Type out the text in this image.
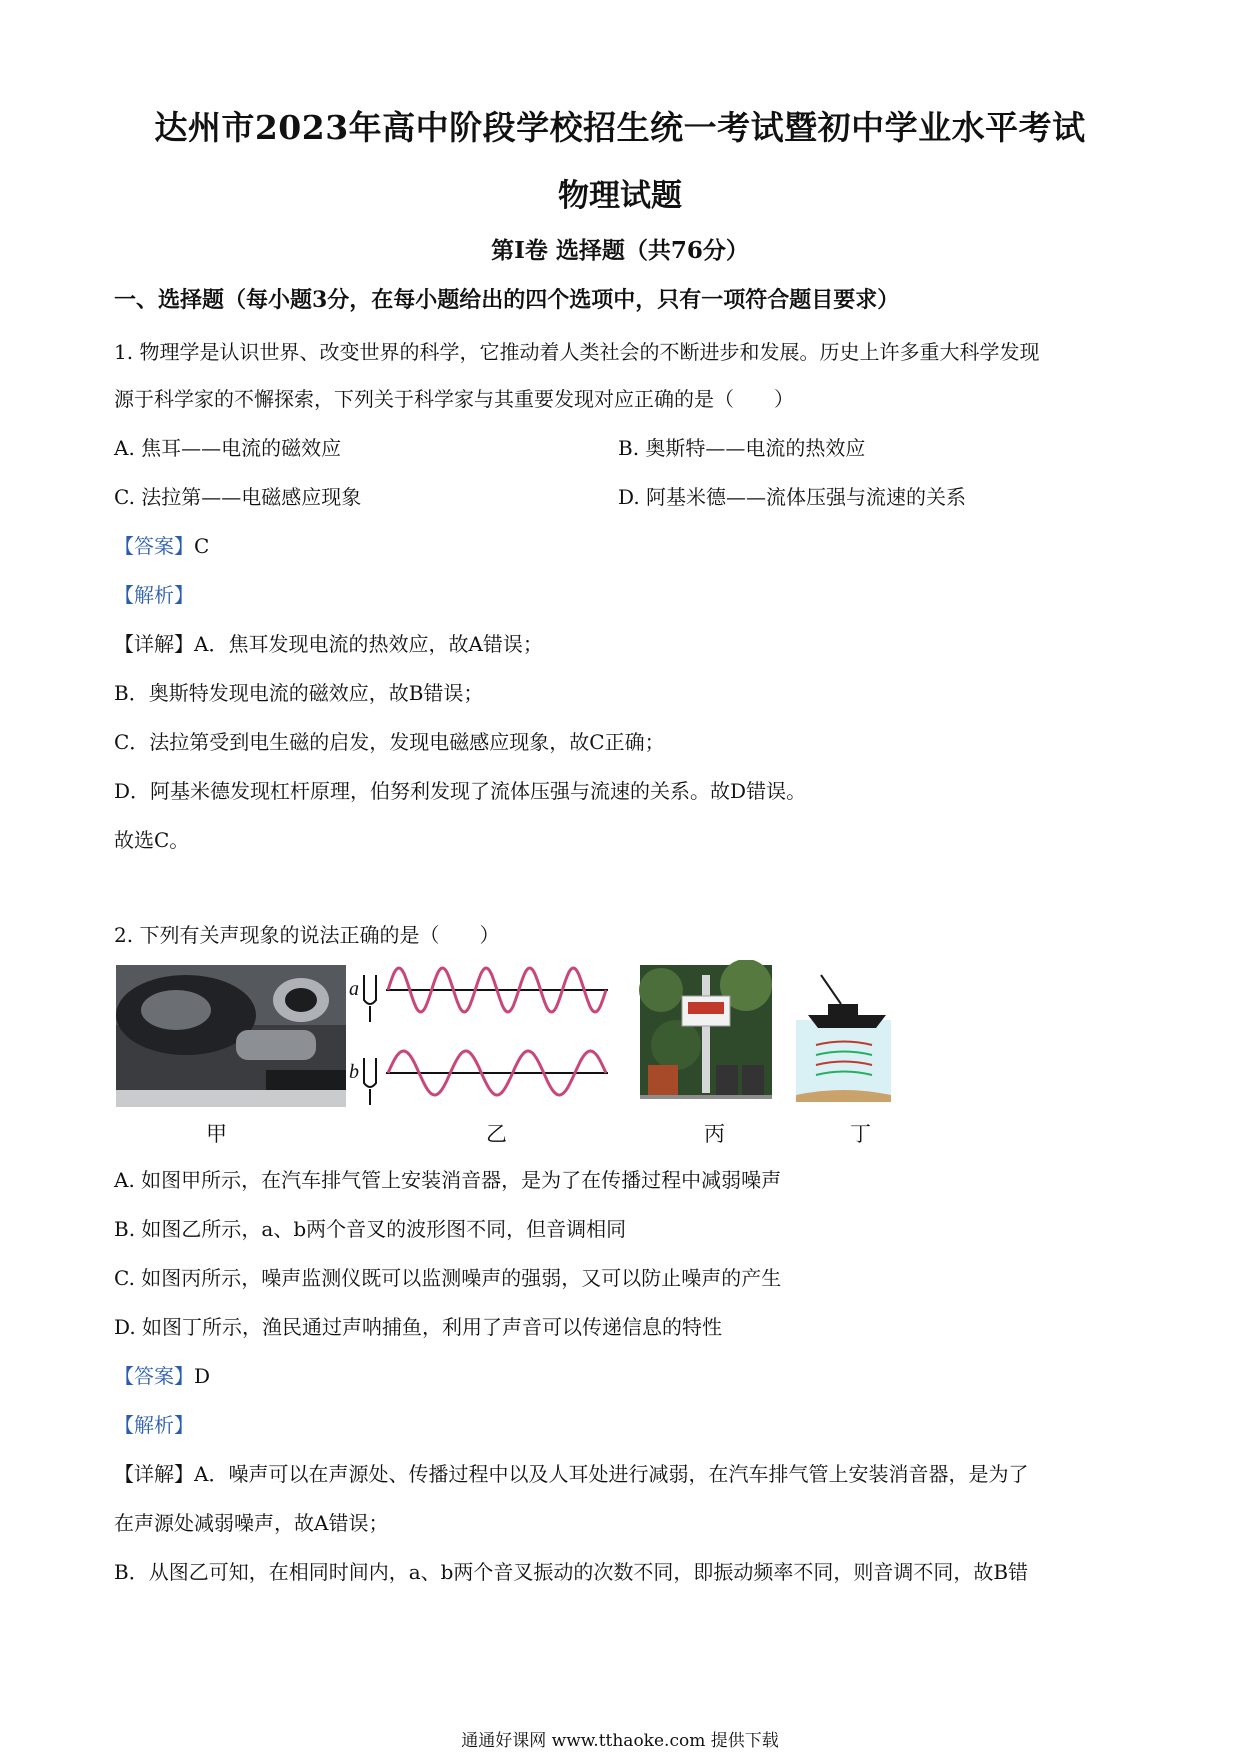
达州市2023年高中阶段学校招生统一考试暨初中学业水平考试
物理试题
第Ⅰ卷 选择题（共76分）
一、选择题（每小题3分，在每小题给出的四个选项中，只有一项符合题目要求）
1. 物理学是认识世界、改变世界的科学，它推动着人类社会的不断进步和发展。历史上许多重大科学发现
源于科学家的不懈探索，下列关于科学家与其重要发现对应正确的是（　　）
A. 焦耳——电流的磁效应	B. 奥斯特——电流的热效应
C. 法拉第——电磁感应现象	D. 阿基米德——流体压强与流速的关系
【答案】C
【解析】
【详解】A．焦耳发现电流的热效应，故A错误；
B．奥斯特发现电流的磁效应，故B错误；
C．法拉第受到电生磁的启发，发现电磁感应现象，故C正确；
D．阿基米德发现杠杆原理，伯努利发现了流体压强与流速的关系。故D错误。
故选C。
2. 下列有关声现象的说法正确的是（　　）
a
b
甲	乙	丙	丁
A. 如图甲所示，在汽车排气管上安装消音器，是为了在传播过程中减弱噪声
B. 如图乙所示，a、b两个音叉的波形图不同，但音调相同
C. 如图丙所示，噪声监测仪既可以监测噪声的强弱，又可以防止噪声的产生
D. 如图丁所示，渔民通过声呐捕鱼，利用了声音可以传递信息的特性
【答案】D
【解析】
【详解】A．噪声可以在声源处、传播过程中以及人耳处进行减弱，在汽车排气管上安装消音器，是为了
在声源处减弱噪声，故A错误；
B．从图乙可知，在相同时间内，a、b两个音叉振动的次数不同，即振动频率不同，则音调不同，故B错
通通好课网 www.tthaoke.com 提供下载
